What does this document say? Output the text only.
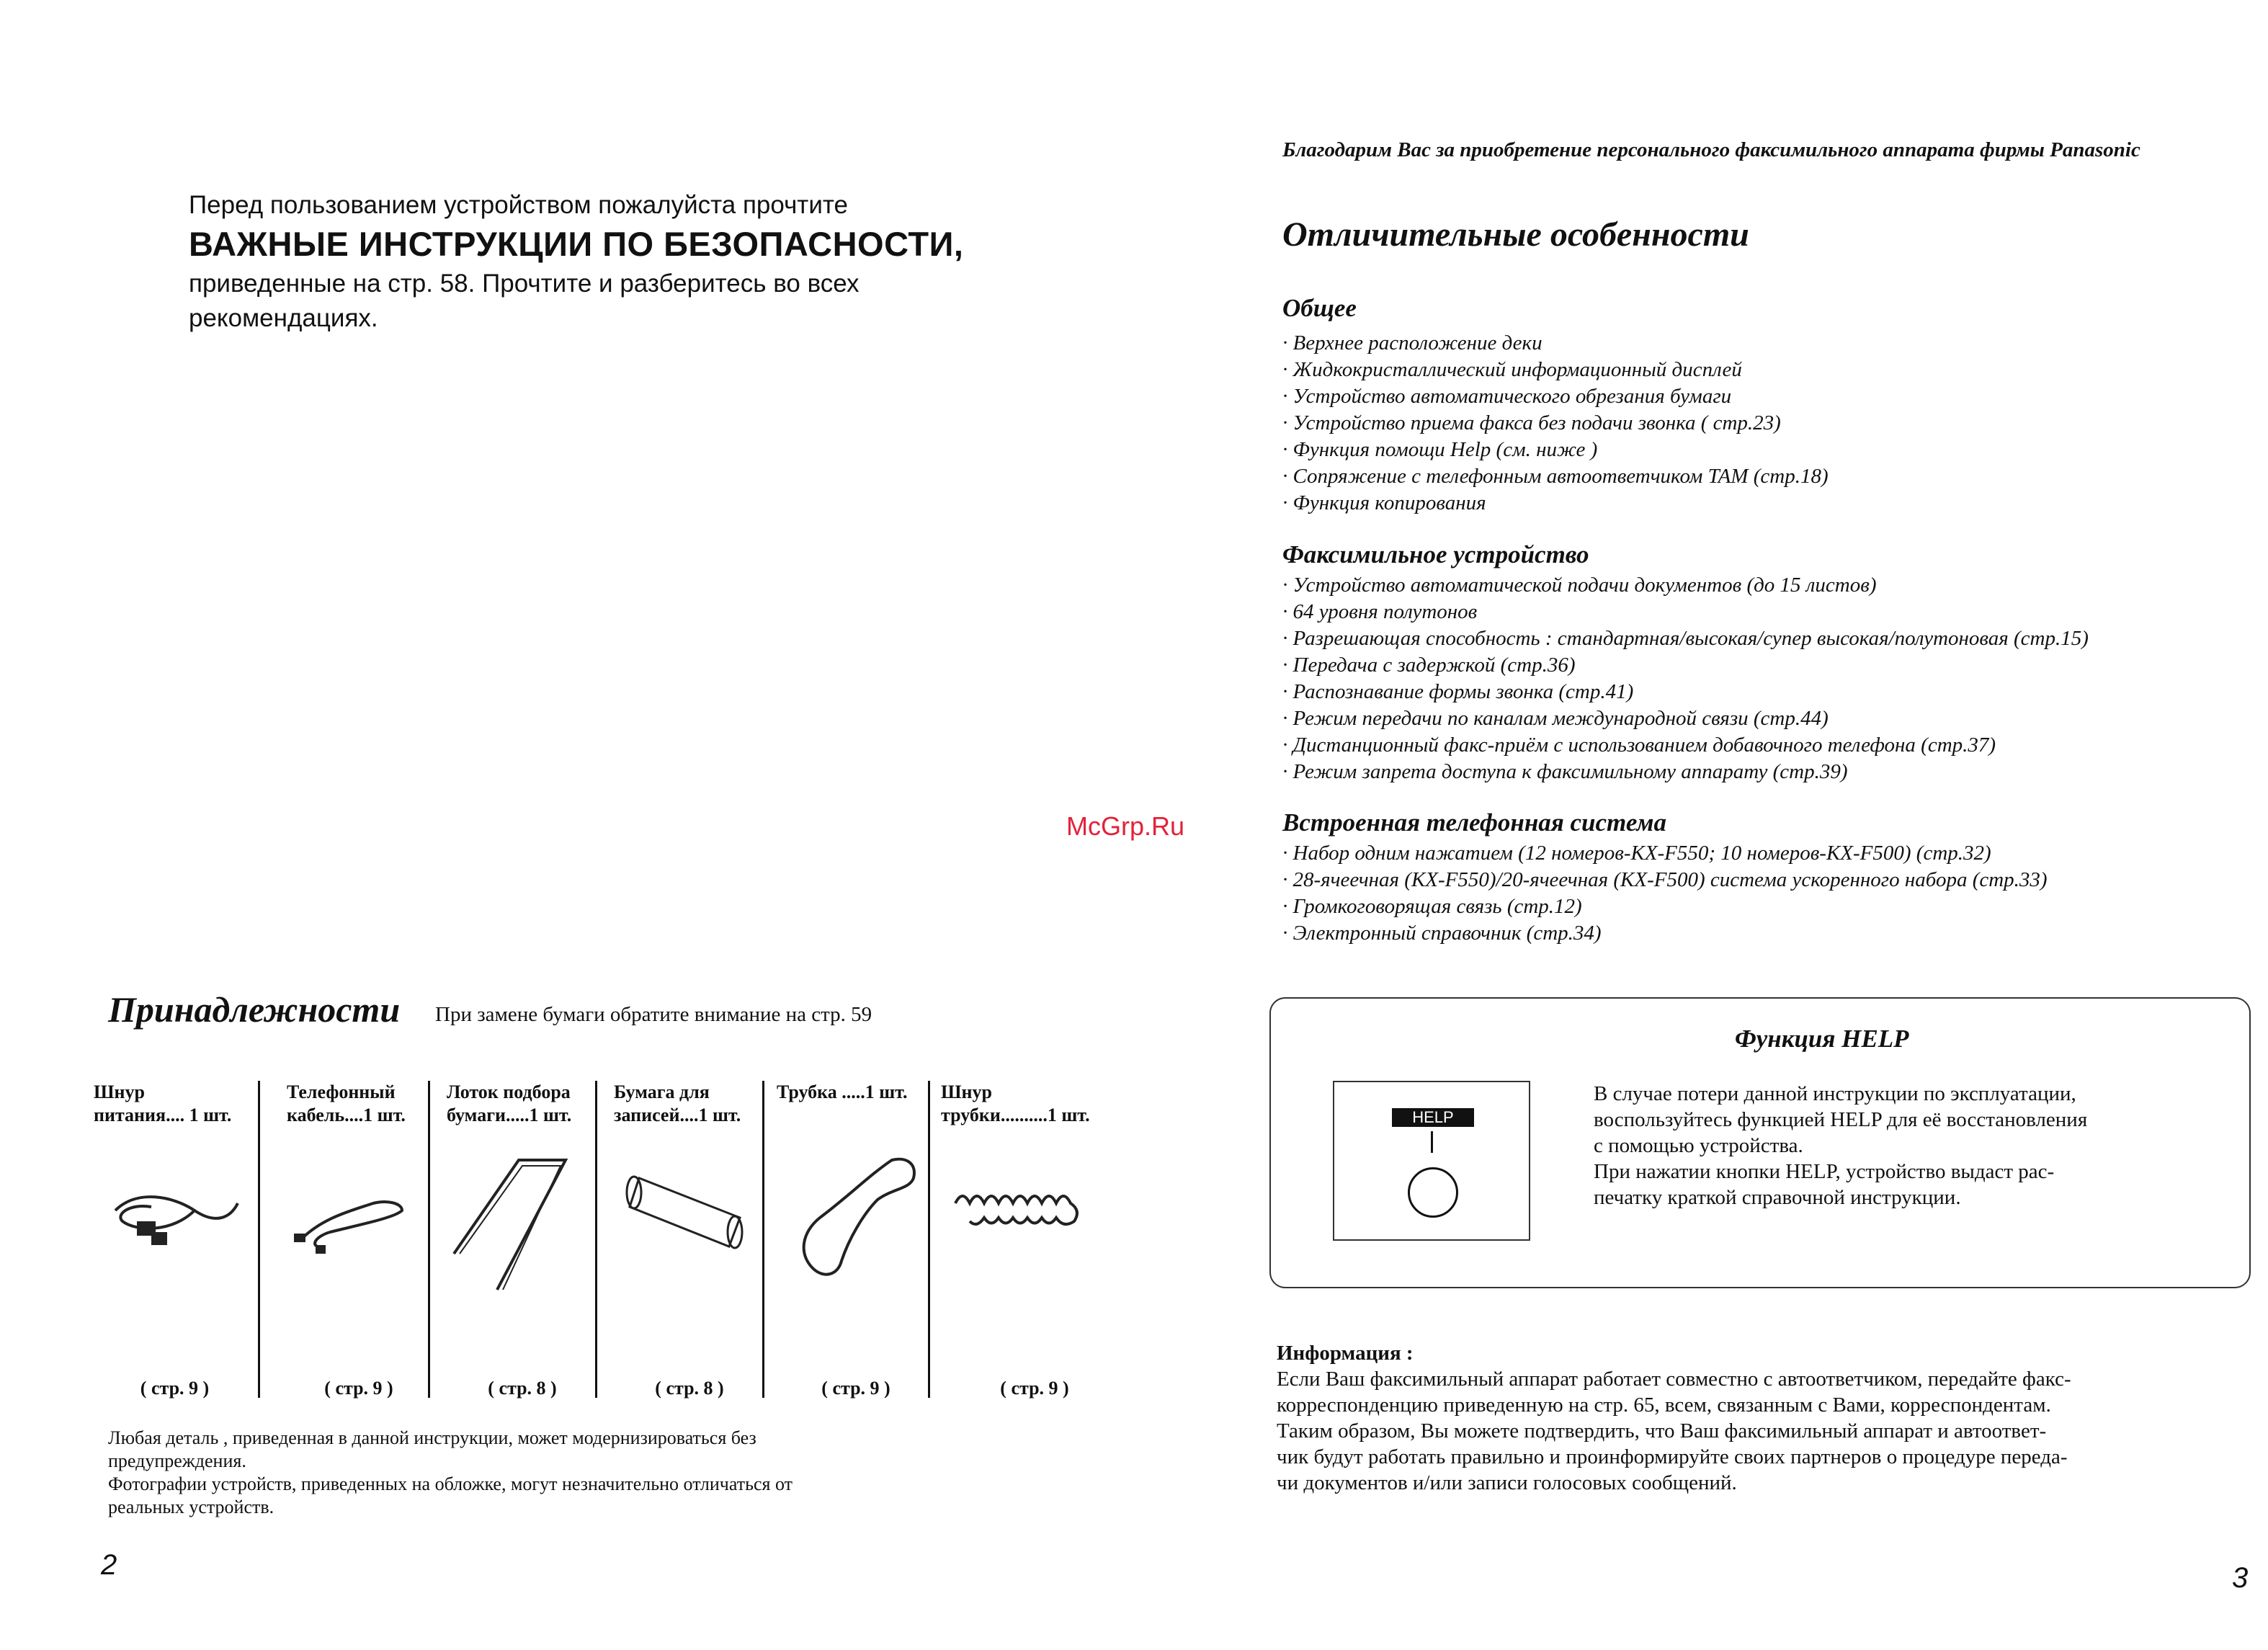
Перед пользованием устройством пожалуйста прочтите
ВАЖНЫЕ ИНСТРУКЦИИ ПО БЕЗОПАСНОСТИ,
приведенные на стр. 58. Прочтите и разберитесь во всех
рекомендациях.
Принадлежности При замене бумаги обратите внимание на стр. 59
Шнур
питания.... 1 шт.
( стр. 9 )
Телефонный
кабель....1 шт.
( стр. 9 )
Лоток подбора
бумаги.....1 шт.
( стр. 8 )
Бумага для
записей....1 шт.
( стр. 8 )
Трубка .....1 шт.
( стр. 9 )
Шнур
трубки..........1 шт.
( стр. 9 )
Любая деталь , приведенная в данной инструкции, может модернизироваться без
предупреждения.
Фотографии устройств, приведенных на обложке, могут незначительно отличаться от
реальных устройств.
2
McGrp.Ru
Благодарим Вас за приобретение персонального факсимильного аппарата фирмы Panasonic
Отличительные особенности
Общее
· Верхнее расположение деки
· Жидкокристаллический информационный дисплей
· Устройство автоматического обрезания бумаги
· Устройство приема факса без подачи звонка ( стр.23)
· Функция помощи Help (см. ниже )
· Сопряжение с телефонным автоответчиком TAM (стр.18)
· Функция копирования
Факсимильное устройство
· Устройство автоматической подачи документов (до 15 листов)
· 64 уровня полутонов
· Разрешающая способность : стандартная/высокая/супер высокая/полутоновая (стр.15)
· Передача с задержкой (стр.36)
· Распознавание формы звонка (стр.41)
· Режим передачи по каналам международной связи (стр.44)
· Дистанционный факс-приём с использованием добавочного телефона (стр.37)
· Режим запрета доступа к факсимильному аппарату (стр.39)
Встроенная телефонная система
· Набор одним нажатием (12 номеров-KX-F550; 10 номеров-KX-F500) (стр.32)
· 28-ячеечная (KX-F550)/20-ячеечная (KX-F500) система ускоренного набора (стр.33)
· Громкоговорящая связь (стр.12)
· Электронный справочник (стр.34)
Функция HELP
HELP
В случае потери данной инструкции по эксплуатации,
воспользуйтесь функцией HELP для её восстановления
с помощью устройства.
При нажатии кнопки HELP, устройство выдаст рас-
печатку краткой справочной инструкции.
Информация :
Если Ваш факсимильный аппарат работает совместно с автоответчиком, передайте факс-
корреспонденцию приведенную на стр. 65, всем, связанным с Вами, корреспондентам.
Таким образом, Вы можете подтвердить, что Ваш факсимильный аппарат и автоответ-
чик будут работать правильно и проинформируйте своих партнеров о процедуре переда-
чи документов и/или записи голосовых сообщений.
3
